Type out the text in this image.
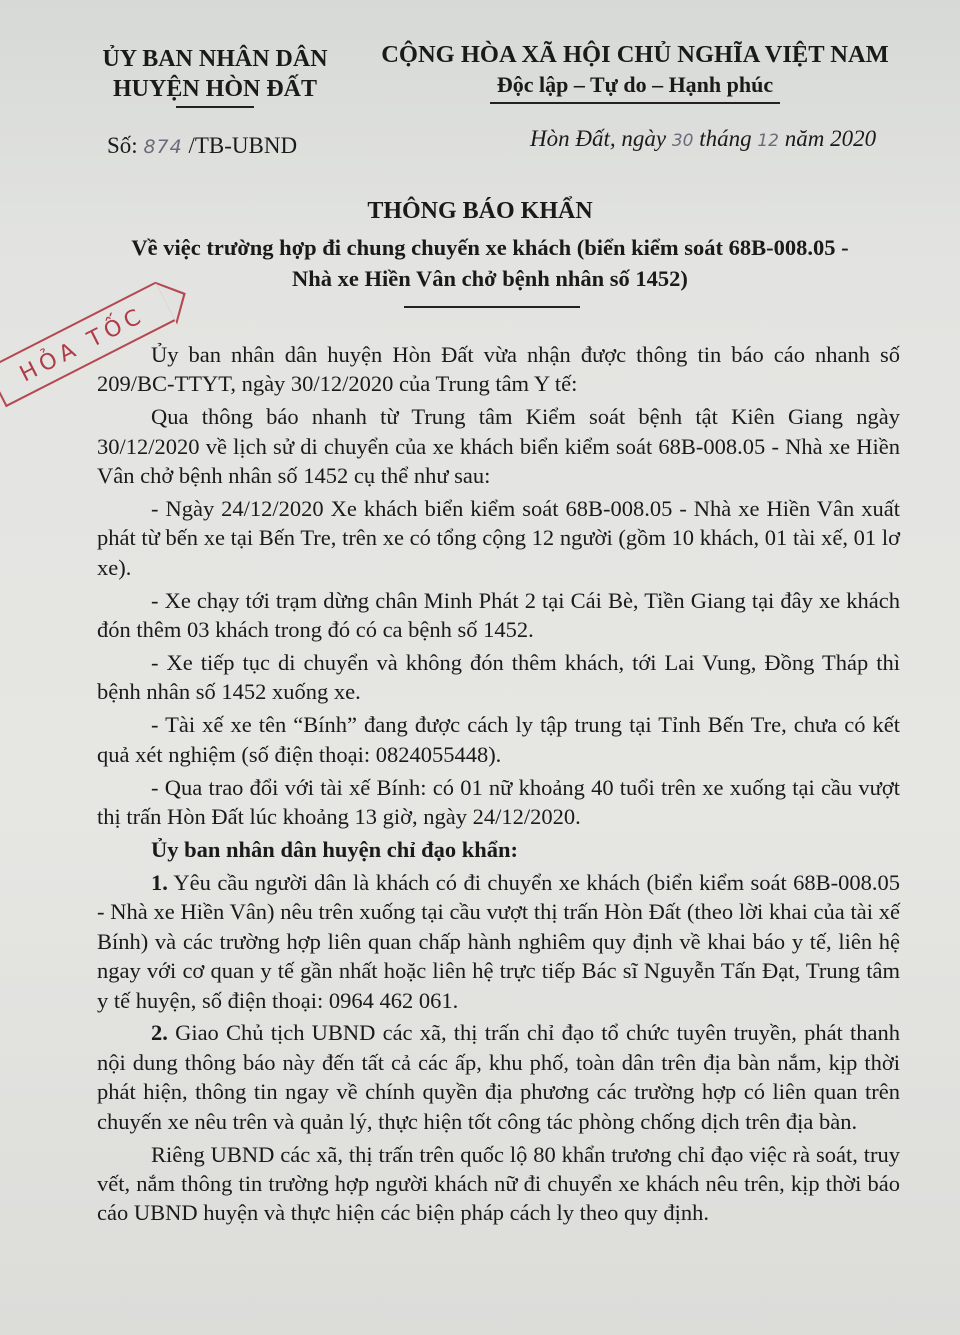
ỦY BAN NHÂN DÂN
HUYỆN HÒN ĐẤT
CỘNG HÒA XÃ HỘI CHỦ NGHĨA VIỆT NAM
Độc lập – Tự do – Hạnh phúc
Số: 874 /TB-UBND	Hòn Đất, ngày 30 tháng 12 năm 2020
HỎA TỐC
THÔNG BÁO KHẨN
Về việc trường hợp đi chung chuyến xe khách (biển kiểm soát 68B-008.05 -
Nhà xe Hiền Vân chở bệnh nhân số 1452)

Ủy ban nhân dân huyện Hòn Đất vừa nhận được thông tin báo cáo nhanh số 209/BC-TTYT, ngày 30/12/2020 của Trung tâm Y tế:

Qua thông báo nhanh từ Trung tâm Kiểm soát bệnh tật Kiên Giang ngày 30/12/2020 về lịch sử di chuyển của xe khách biển kiểm soát 68B-008.05 - Nhà xe Hiền Vân chở bệnh nhân số 1452 cụ thể như sau:

- Ngày 24/12/2020 Xe khách biển kiểm soát 68B-008.05 - Nhà xe Hiền Vân xuất phát từ bến xe tại Bến Tre, trên xe có tổng cộng 12 người (gồm 10 khách, 01 tài xế, 01 lơ xe).

- Xe chạy tới trạm dừng chân Minh Phát 2 tại Cái Bè, Tiền Giang tại đây xe khách đón thêm 03 khách trong đó có ca bệnh số 1452.

- Xe tiếp tục di chuyển và không đón thêm khách, tới Lai Vung, Đồng Tháp thì bệnh nhân số 1452 xuống xe.

- Tài xế xe tên “Bính” đang được cách ly tập trung tại Tỉnh Bến Tre, chưa có kết quả xét nghiệm (số điện thoại: 0824055448).

- Qua trao đổi với tài xế Bính: có 01 nữ khoảng 40 tuổi trên xe xuống tại cầu vượt thị trấn Hòn Đất lúc khoảng 13 giờ, ngày 24/12/2020.

Ủy ban nhân dân huyện chỉ đạo khẩn:

1. Yêu cầu người dân là khách có đi chuyển xe khách (biển kiểm soát 68B-008.05 - Nhà xe Hiền Vân) nêu trên xuống tại cầu vượt thị trấn Hòn Đất (theo lời khai của tài xế Bính) và các trường hợp liên quan chấp hành nghiêm quy định về khai báo y tế, liên hệ ngay với cơ quan y tế gần nhất hoặc liên hệ trực tiếp Bác sĩ Nguyễn Tấn Đạt, Trung tâm y tế huyện, số điện thoại: 0964 462 061.

2. Giao Chủ tịch UBND các xã, thị trấn chỉ đạo tổ chức tuyên truyền, phát thanh nội dung thông báo này đến tất cả các ấp, khu phố, toàn dân trên địa bàn nắm, kịp thời phát hiện, thông tin ngay về chính quyền địa phương các trường hợp có liên quan trên chuyến xe nêu trên và quản lý, thực hiện tốt công tác phòng chống dịch trên địa bàn.

Riêng UBND các xã, thị trấn trên quốc lộ 80 khẩn trương chỉ đạo việc rà soát, truy vết, nắm thông tin trường hợp người khách nữ đi chuyển xe khách nêu trên, kịp thời báo cáo UBND huyện và thực hiện các biện pháp cách ly theo quy định.
